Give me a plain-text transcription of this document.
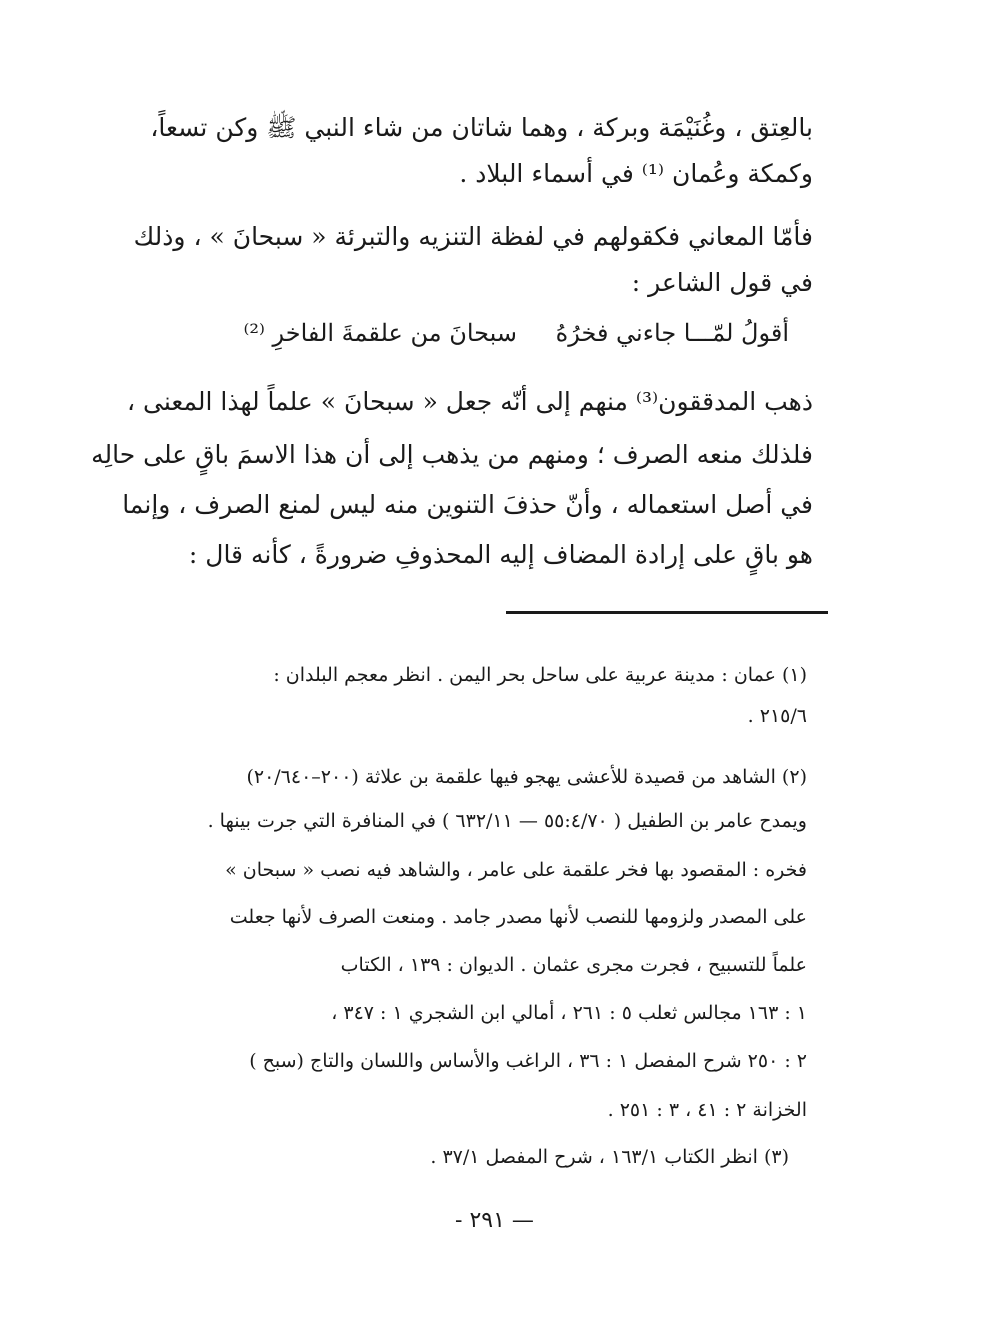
بالعِتق ، وغُنَيْمَة وبركة ، وهما شاتان من شاء النبي ﷺ وكن تسعاً،
وكمكة وعُمان ⁽¹⁾ في أسماء البلاد .
فأمّا المعاني فكقولهم في لفظة التنزيه والتبرئة « سبحانَ » ، وذلك
في قول الشاعر :
أقولُ لمّـــا جاءني فخرُهُ
سبحانَ من علقمةَ الفاخرِ ⁽²⁾
ذهب المدققون⁽³⁾ منهم إلى أنّه جعل « سبحانَ » علماً لهذا المعنى ،
فلذلك منعه الصرف ؛ ومنهم من يذهب إلى أن هذا الاسمَ باقٍ على حالِه
في أصل استعماله ، وأنّ حذفَ التنوين منه ليس لمنع الصرف ، وإنما
هو باقٍ على إرادة المضاف إليه المحذوفِ ضرورةً ، كأنه قال :
(١) عمان : مدينة عربية على ساحل بحر اليمن . انظر معجم البلدان :
٢١٥/٦ .
(٢) الشاهد من قصيدة للأعشى يهجو فيها علقمة بن علاثة (٢٠٠–٢٠/٦٤٠)
ويمدح عامر بن الطفيل ( ٥٥:٤/٧٠ — ٦٣٢/١١ ) في المنافرة التي جرت بينها .
فخره : المقصود بها فخر علقمة على عامر ، والشاهد فيه نصب « سبحان »
على المصدر ولزومها للنصب لأنها مصدر جامد . ومنعت الصرف لأنها جعلت
علماً للتسبيح ، فجرت مجرى عثمان . الديوان : ١٣٩ ، الكتاب
١ : ١٦٣ مجالس ثعلب ٥ : ٢٦١ ، أمالي ابن الشجري ١ : ٣٤٧ ،
٢ : ٢٥٠ شرح المفصل ١ : ٣٦ ، الراغب والأساس واللسان والتاج (سبح )
الخزانة ٢ : ٤١ ، ٣ : ٢٥١ .
(٣) انظر الكتاب ١٦٣/١ ، شرح المفصل ٣٧/١ .
— ٢٩١ -
